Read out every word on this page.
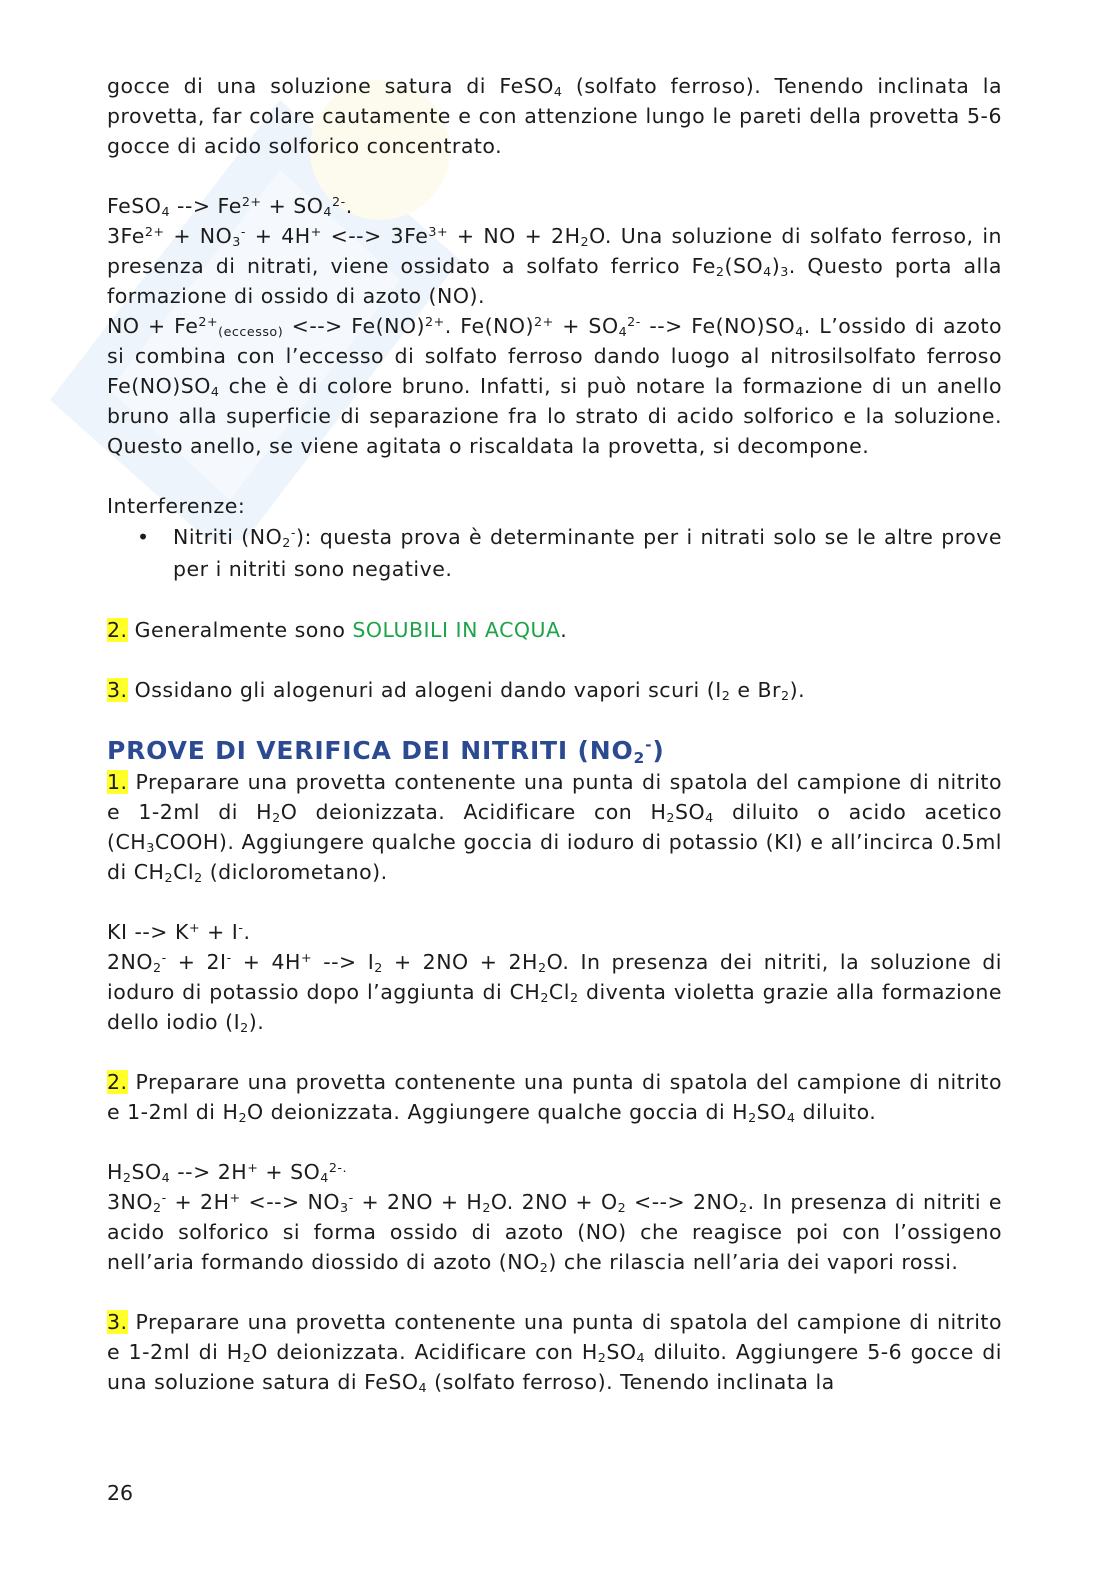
gocce di una soluzione satura di FeSO$_4$ (solfato ferroso). Tenendo inclinata la provetta, far colare cautamente e con attenzione lungo le pareti della provetta 5-6 gocce di acido solforico concentrato.

FeSO$_4$ --> $Fe^{2+} + SO_4^{2-}$.

$3Fe^{2+} + NO_3^- + 4H^+$ <--> $3Fe^{3+}$ + NO + $2H_2O$. Una soluzione di solfato ferroso, in presenza di nitrati, viene ossidato a solfato ferrico $Fe_2(SO_4)_3$. Questo porta alla formazione di ossido di azoto (NO).

NO + $Fe^{2+}_{(eccesso)}$ <--> Fe(NO)$^{2+}$. $Fe(NO)^{2+} + SO_4^{2-}$ --> $Fe(NO)SO_4$. L’ossido di azoto si combina con l’eccesso di solfato ferroso dando luogo al nitrosilsolfato ferroso $Fe(NO)SO_4$ che è di colore bruno. Infatti, si può notare la formazione di un anello bruno alla superficie di separazione fra lo strato di acido solforico e la soluzione. Questo anello, se viene agitata o riscaldata la provetta, si decompone.

Interferenze:

• Nitriti $(NO_2^-)$: questa prova è determinante per i nitrati solo se le altre prove per i nitriti sono negative.

2. Generalmente sono SOLUBILI IN ACQUA.

3. Ossidano gli alogenuri ad alogeni dando vapori scuri ($I_2$ e $Br_2$).

PROVE DI VERIFICA DEI NITRITI $(NO_2^-)$

1. Preparare una provetta contenente una punta di spatola del campione di nitrito e 1-2ml di $H_2O$ deionizzata. Acidificare con $H_2SO_4$ diluito o acido acetico $(CH_3COOH)$. Aggiungere qualche goccia di ioduro di potassio (KI) e all’incirca 0.5ml di $CH_2Cl_2$ (diclorometano).

KI --> K+ + I-.

$2NO_2^- + 2I^- + 4H^+$ --> $I_2 + 2NO + 2H_2O$. In presenza dei nitriti, la soluzione di ioduro di potassio dopo l’aggiunta di $CH_2Cl_2$ diventa violetta grazie alla formazione dello iodio $(I_2)$.

2. Preparare una provetta contenente una punta di spatola del campione di nitrito e 1-2ml di $H_2O$ deionizzata. Aggiungere qualche goccia di $H_2SO_4$ diluito.

$H_2SO_4$ --> $2H^+ + SO_4^{2-.}$

$3NO_2^- + 2H^+$ <--> $NO_3^- + 2NO + H_2O$. $2NO + O_2$ <--> $2NO_2$. In presenza di nitriti e acido solforico si forma ossido di azoto (NO) che reagisce poi con l’ossigeno nell’aria formando diossido di azoto $(NO_2)$ che rilascia nell’aria dei vapori rossi.

3. Preparare una provetta contenente una punta di spatola del campione di nitrito e 1-2ml di $H_2O$ deionizzata. Acidificare con $H_2SO_4$ diluito. Aggiungere 5-6 gocce di una soluzione satura di FeSO$_4$ (solfato ferroso). Tenendo inclinata la

26
